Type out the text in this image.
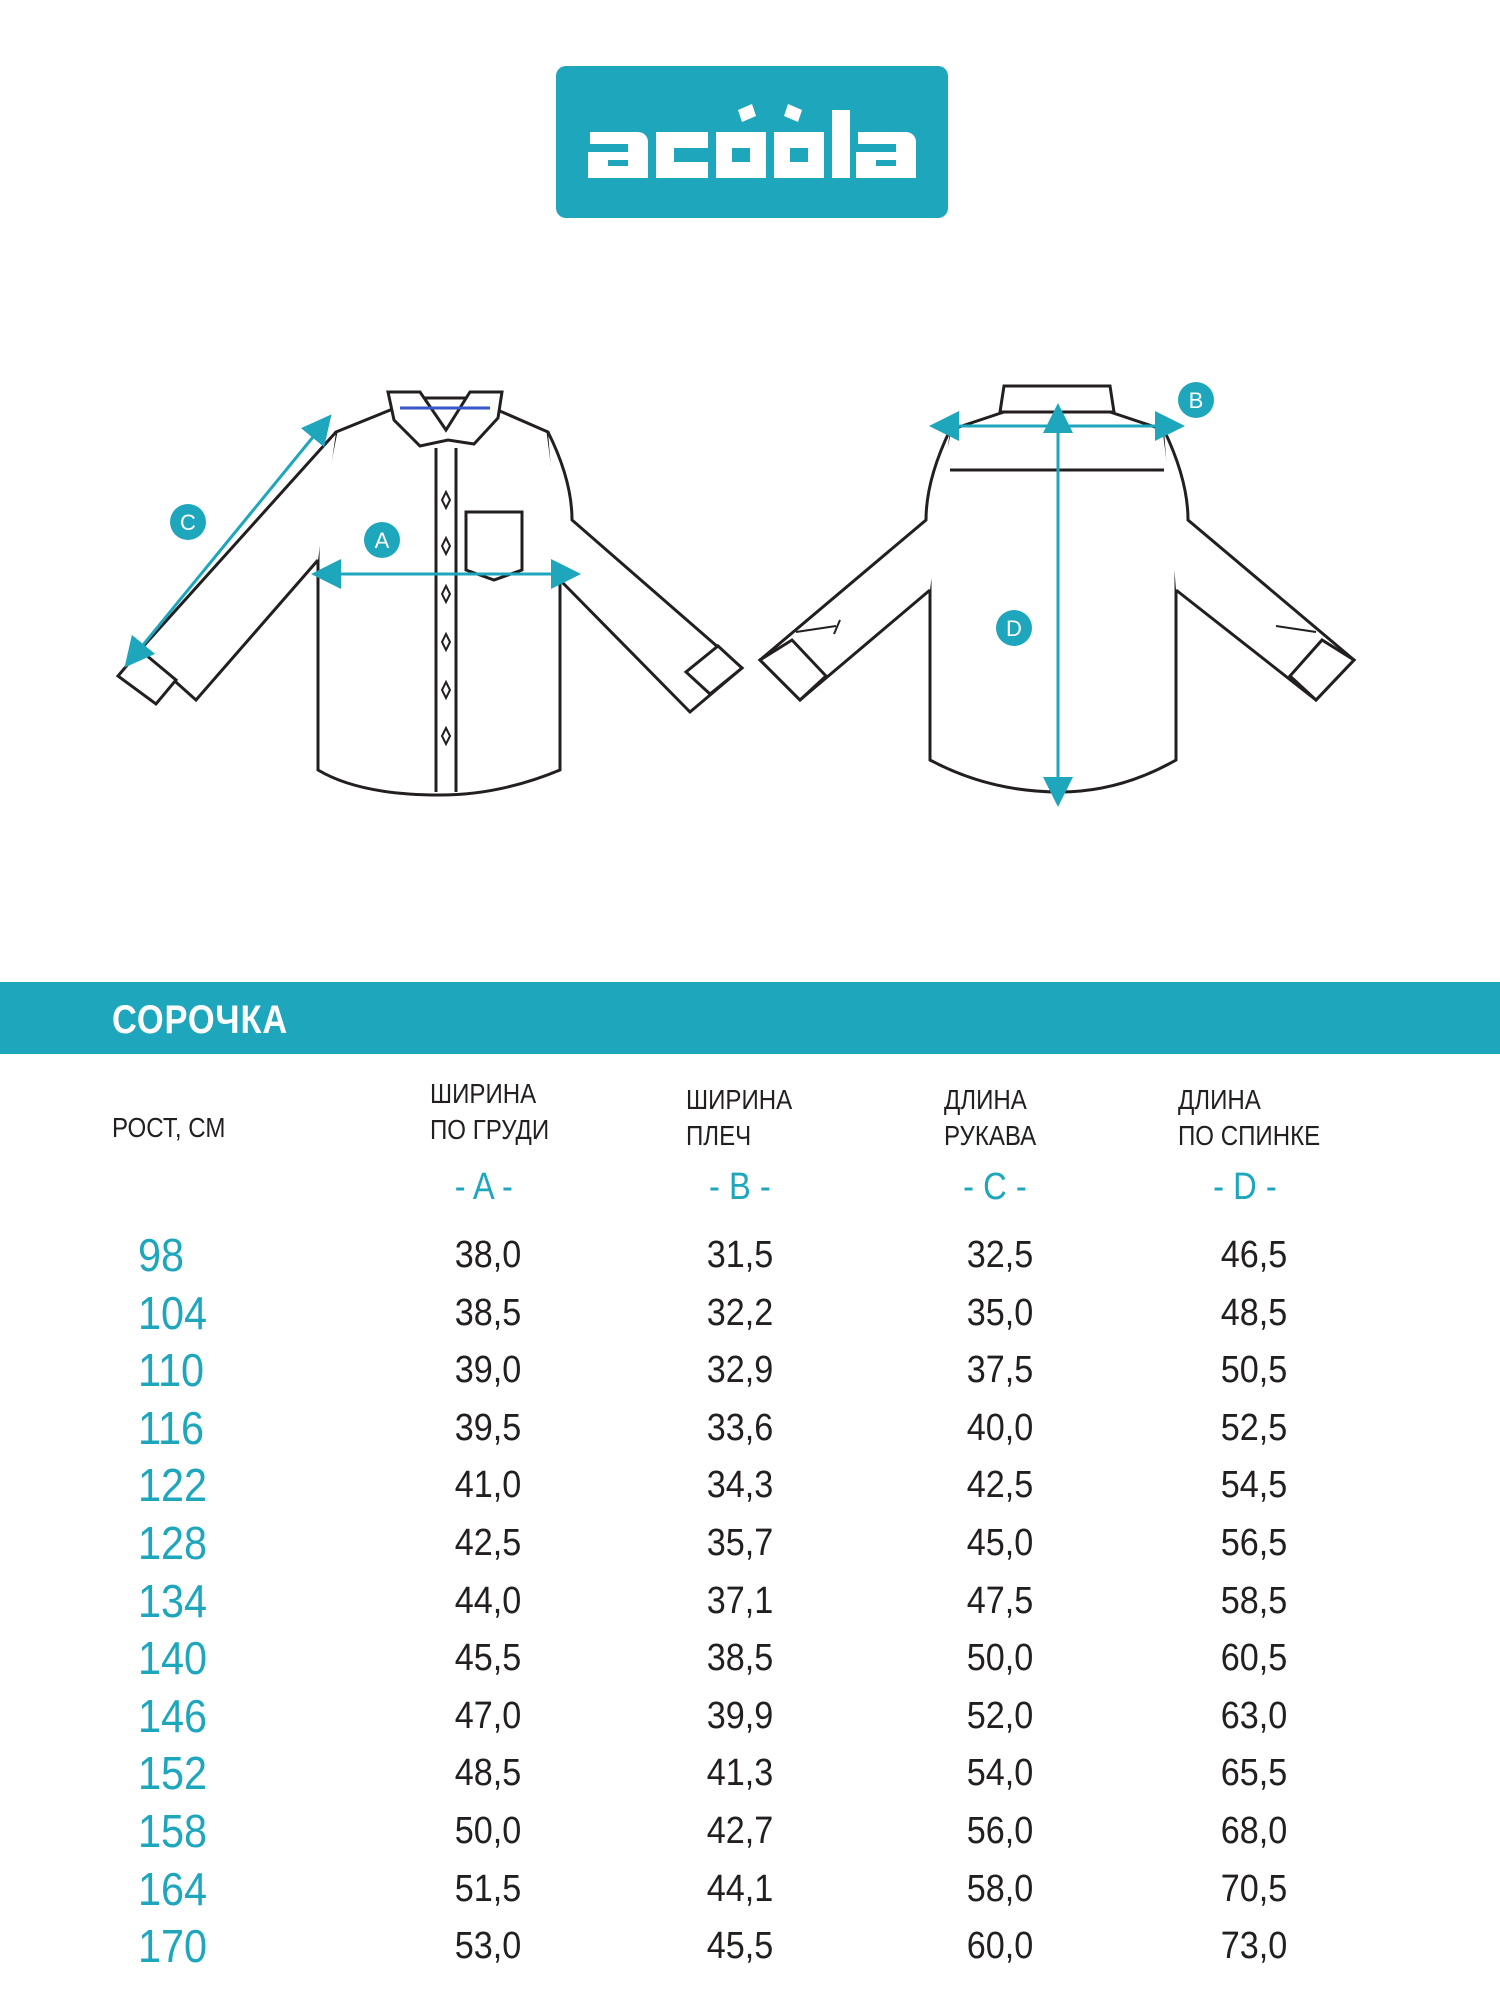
A
C
B
D
СОРОЧКА
РОСТ, СМ
ШИРИНА
ПО ГРУДИ
ШИРИНА
ПЛЕЧ
ДЛИНА
РУКАВА
ДЛИНА
ПО СПИНКЕ
- A -	- B -	- C -	- D -
98	38,0	31,5	32,5	46,5
104	38,5	32,2	35,0	48,5
110	39,0	32,9	37,5	50,5
116	39,5	33,6	40,0	52,5
122	41,0	34,3	42,5	54,5
128	42,5	35,7	45,0	56,5
134	44,0	37,1	47,5	58,5
140	45,5	38,5	50,0	60,5
146	47,0	39,9	52,0	63,0
152	48,5	41,3	54,0	65,5
158	50,0	42,7	56,0	68,0
164	51,5	44,1	58,0	70,5
170	53,0	45,5	60,0	73,0
